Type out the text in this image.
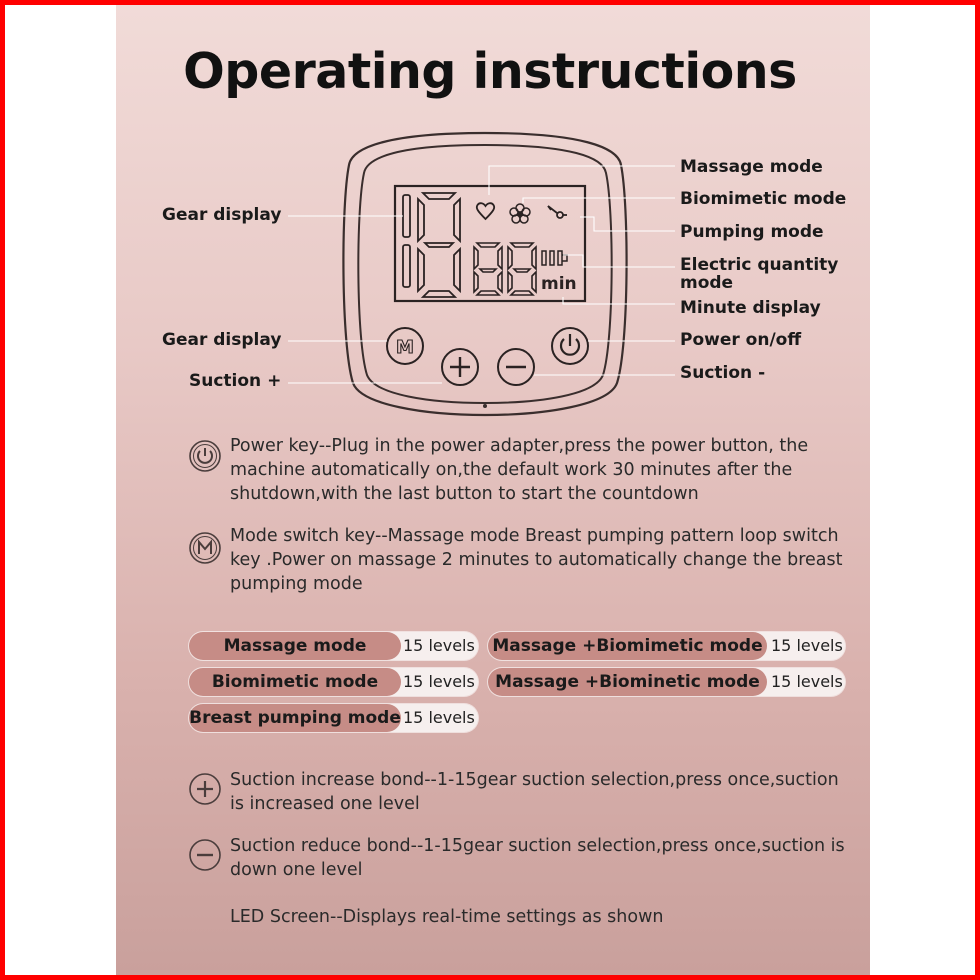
Operating instructions
min
M
Gear display
Gear display
Suction +
Massage mode
Biomimetic mode
Pumping mode
Electric quantity mode
Minute display
Power on/off
Suction -
Power key--Plug in the power adapter,press the power button, the machine automatically on,the default work 30 minutes after the shutdown,with the last button to start the countdown
Mode switch key--Massage mode Breast pumping pattern loop switch key .Power on massage 2 minutes to automatically change the breast pumping mode
Massage mode	15 levels Massage +Biomimetic mode 15 levels
Biomimetic mode	15 levels	Massage +Biominetic mode 15 levels
Breast pumping mode 15 levels
Suction increase bond--1-15gear suction selection,press once,suction is increased one level
Suction reduce bond--1-15gear suction selection,press once,suction is down one level
LED Screen--Displays real-time settings as shown
